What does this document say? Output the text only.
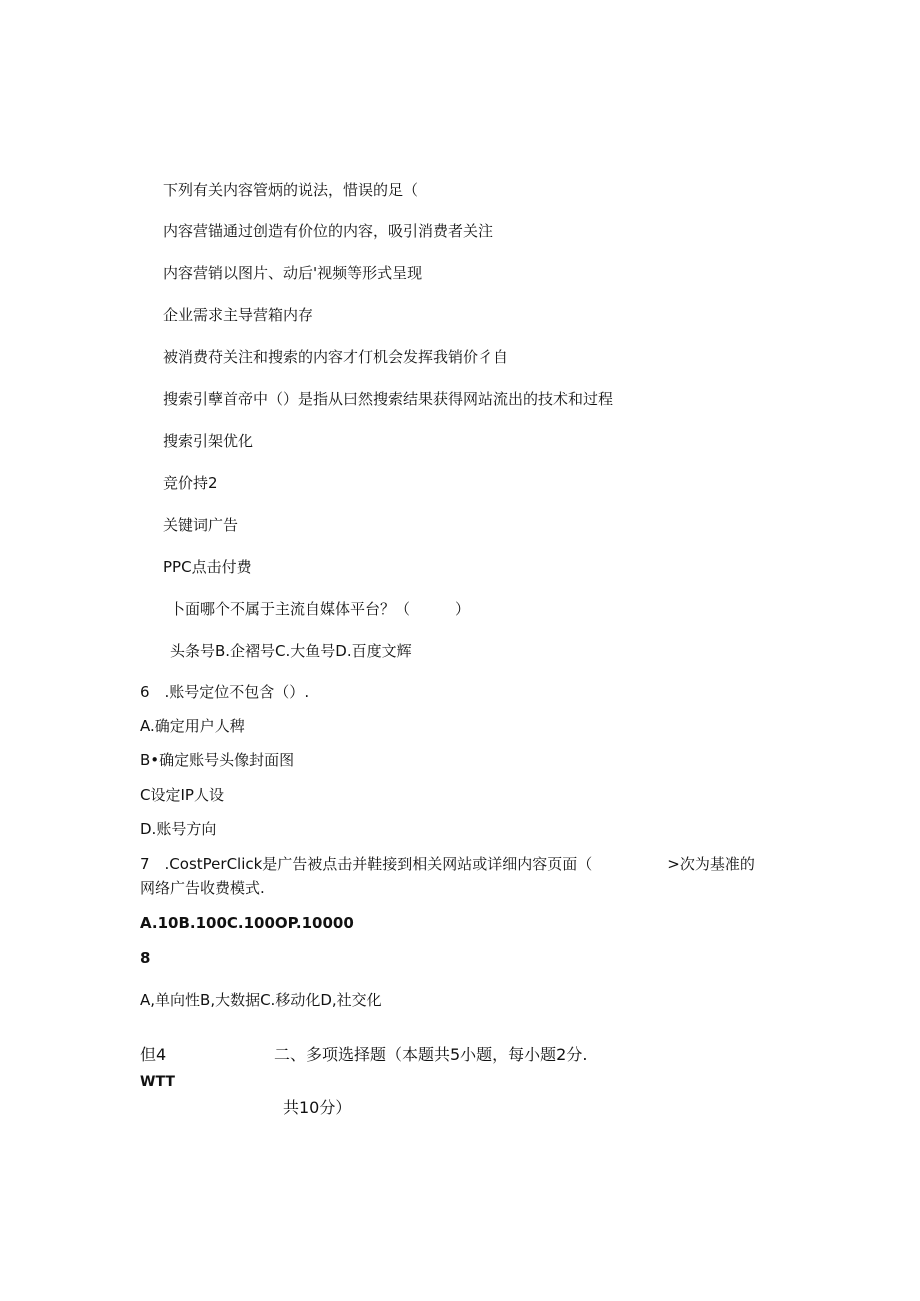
下列有关内容管炳的说法，惜误的足（
内容营锚通过创造有价位的内容，吸引消费者关注
内容营销以图片、动后'视频等形式呈现
企业需求主导营箱内存
被消费苻关注和搜索的内容才仃机会发挥我销价彳自
搜索引孽首帝中（）是指从曰然搜索结果获得网站流出的技术和过程
搜索引架优化
竞价持2
关键词广告
PPC点击付费
卜面哪个不属于主流自媒体平台？（　　　）
头条号B.企褶号C.大鱼号D.百度文辉
6　.账号定位不包含（）.
A.确定用户人稗
B•确定账号头像封面图
C设定IP人设
D.账号方向
7　.CostPerClick是广告被点击并鞋接到相关网站或详细内容页面（　　　　　>次为基准的
网络广告收费模式.
A.10B.100C.100OP.10000
8
A,单向性B,大数据C.移动化D,社交化
但4	二、多项选择题（本题共5小题，每小题2分.
WTT
共10分）
